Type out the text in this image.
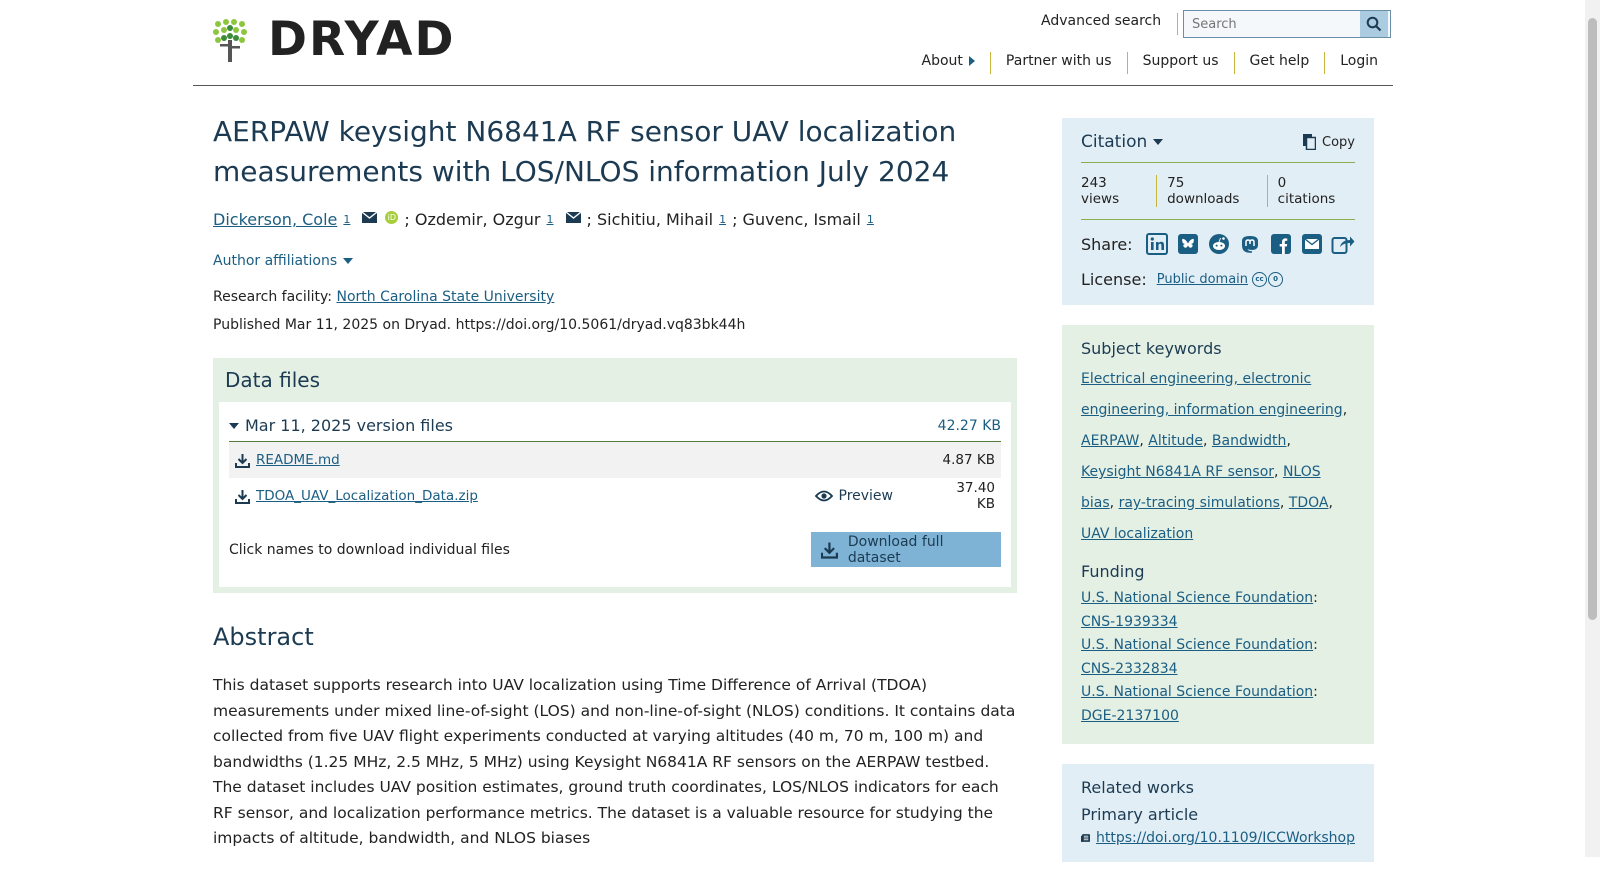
DRYAD	Advanced search
Search
About	Partner with us	Support us	Get help	Login
AERPAW keysight N6841A RF sensor UAV localization measurements with LOS/NLOS information July 2024
Dickerson, Cole 1	iD ; Ozdemir, Ozgur 1 ; Sichitiu, Mihail 1 ; Guvenc, Ismail 1
Author affiliations
Research facility: North Carolina State University
Published Mar 11, 2025 on Dryad. https://doi.org/10.5061/dryad.vq83bk44h
Data files
Mar 11, 2025 version files	42.27 KB
README.md	4.87 KB
TDOA_UAV_Localization_Data.zip	Preview	37.40 KB
Click names to download individual files	Download full dataset
Abstract
This dataset supports research into UAV localization using Time Difference of Arrival (TDOA) measurements under mixed line-of-sight (LOS) and non-line-of-sight (NLOS) conditions. It contains data collected from five UAV flight experiments conducted at varying altitudes (40 m, 70 m, 100 m) and bandwidths (1.25 MHz, 2.5 MHz, 5 MHz) using Keysight N6841A RF sensors on the AERPAW testbed. The dataset includes UAV position estimates, ground truth coordinates, LOS/NLOS indicators for each RF sensor, and localization performance metrics. The dataset is a valuable resource for studying the impacts of altitude, bandwidth, and NLOS biases
Citation	Copy
243 views
75 downloads
0 citations
Share:
License: Public domain	cc	0
Subject keywords
Electrical engineering, electronic engineering, information engineering, AERPAW, Altitude, Bandwidth, Keysight N6841A RF sensor, NLOS bias, ray-tracing simulations, TDOA, UAV localization
Funding
U.S. National Science Foundation: CNS-1939334
U.S. National Science Foundation: CNS-2332834
U.S. National Science Foundation: DGE-2137100
Related works
Primary article
https://doi.org/10.1109/ICCWorkshop
